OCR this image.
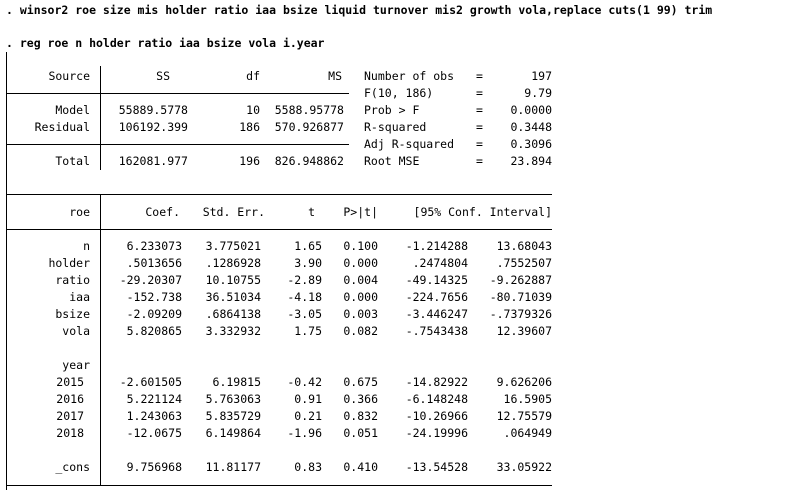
. winsor2 roe size mis holder ratio iaa bsize liquid turnover mis2 growth vola,replace cuts(1 99) trim
. reg roe n holder ratio iaa bsize vola i.year
Source	SS	df	MS
Model	55889.5778	10	5588.95778
Residual	106192.399	186	570.926877
Total	162081.977	196	826.948862
Number of obs =	197
F(10, 186)	=	9.79
Prob > F	=	0.0000
R-squared	=	0.3448
Adj R-squared =	0.3096
Root MSE	=	23.894
roe	Coef.	Std. Err.	t	P>|t|	[95% Conf. Interval]
n	6.233073	3.775021	1.65	0.100	-1.214288	13.68043
holder	.5013656	.1286928	3.90	0.000	.2474804	.7552507
ratio	-29.20307	10.10755	-2.89	0.004	-49.14325	-9.262887
iaa	-152.738	36.51034	-4.18	0.000	-224.7656	-80.71039
bsize	-2.09209	.6864138	-3.05	0.003	-3.446247	-.7379326
vola	5.820865	3.332932	1.75	0.082	-.7543438	12.39607
year
2015	-2.601505	6.19815	-0.42	0.675	-14.82922	9.626206
2016	5.221124	5.763063	0.91	0.366	-6.148248	16.5905
2017	1.243063	5.835729	0.21	0.832	-10.26966	12.75579
2018	-12.0675	6.149864	-1.96	0.051	-24.19996	.064949
_cons	9.756968	11.81177	0.83	0.410	-13.54528	33.05922
